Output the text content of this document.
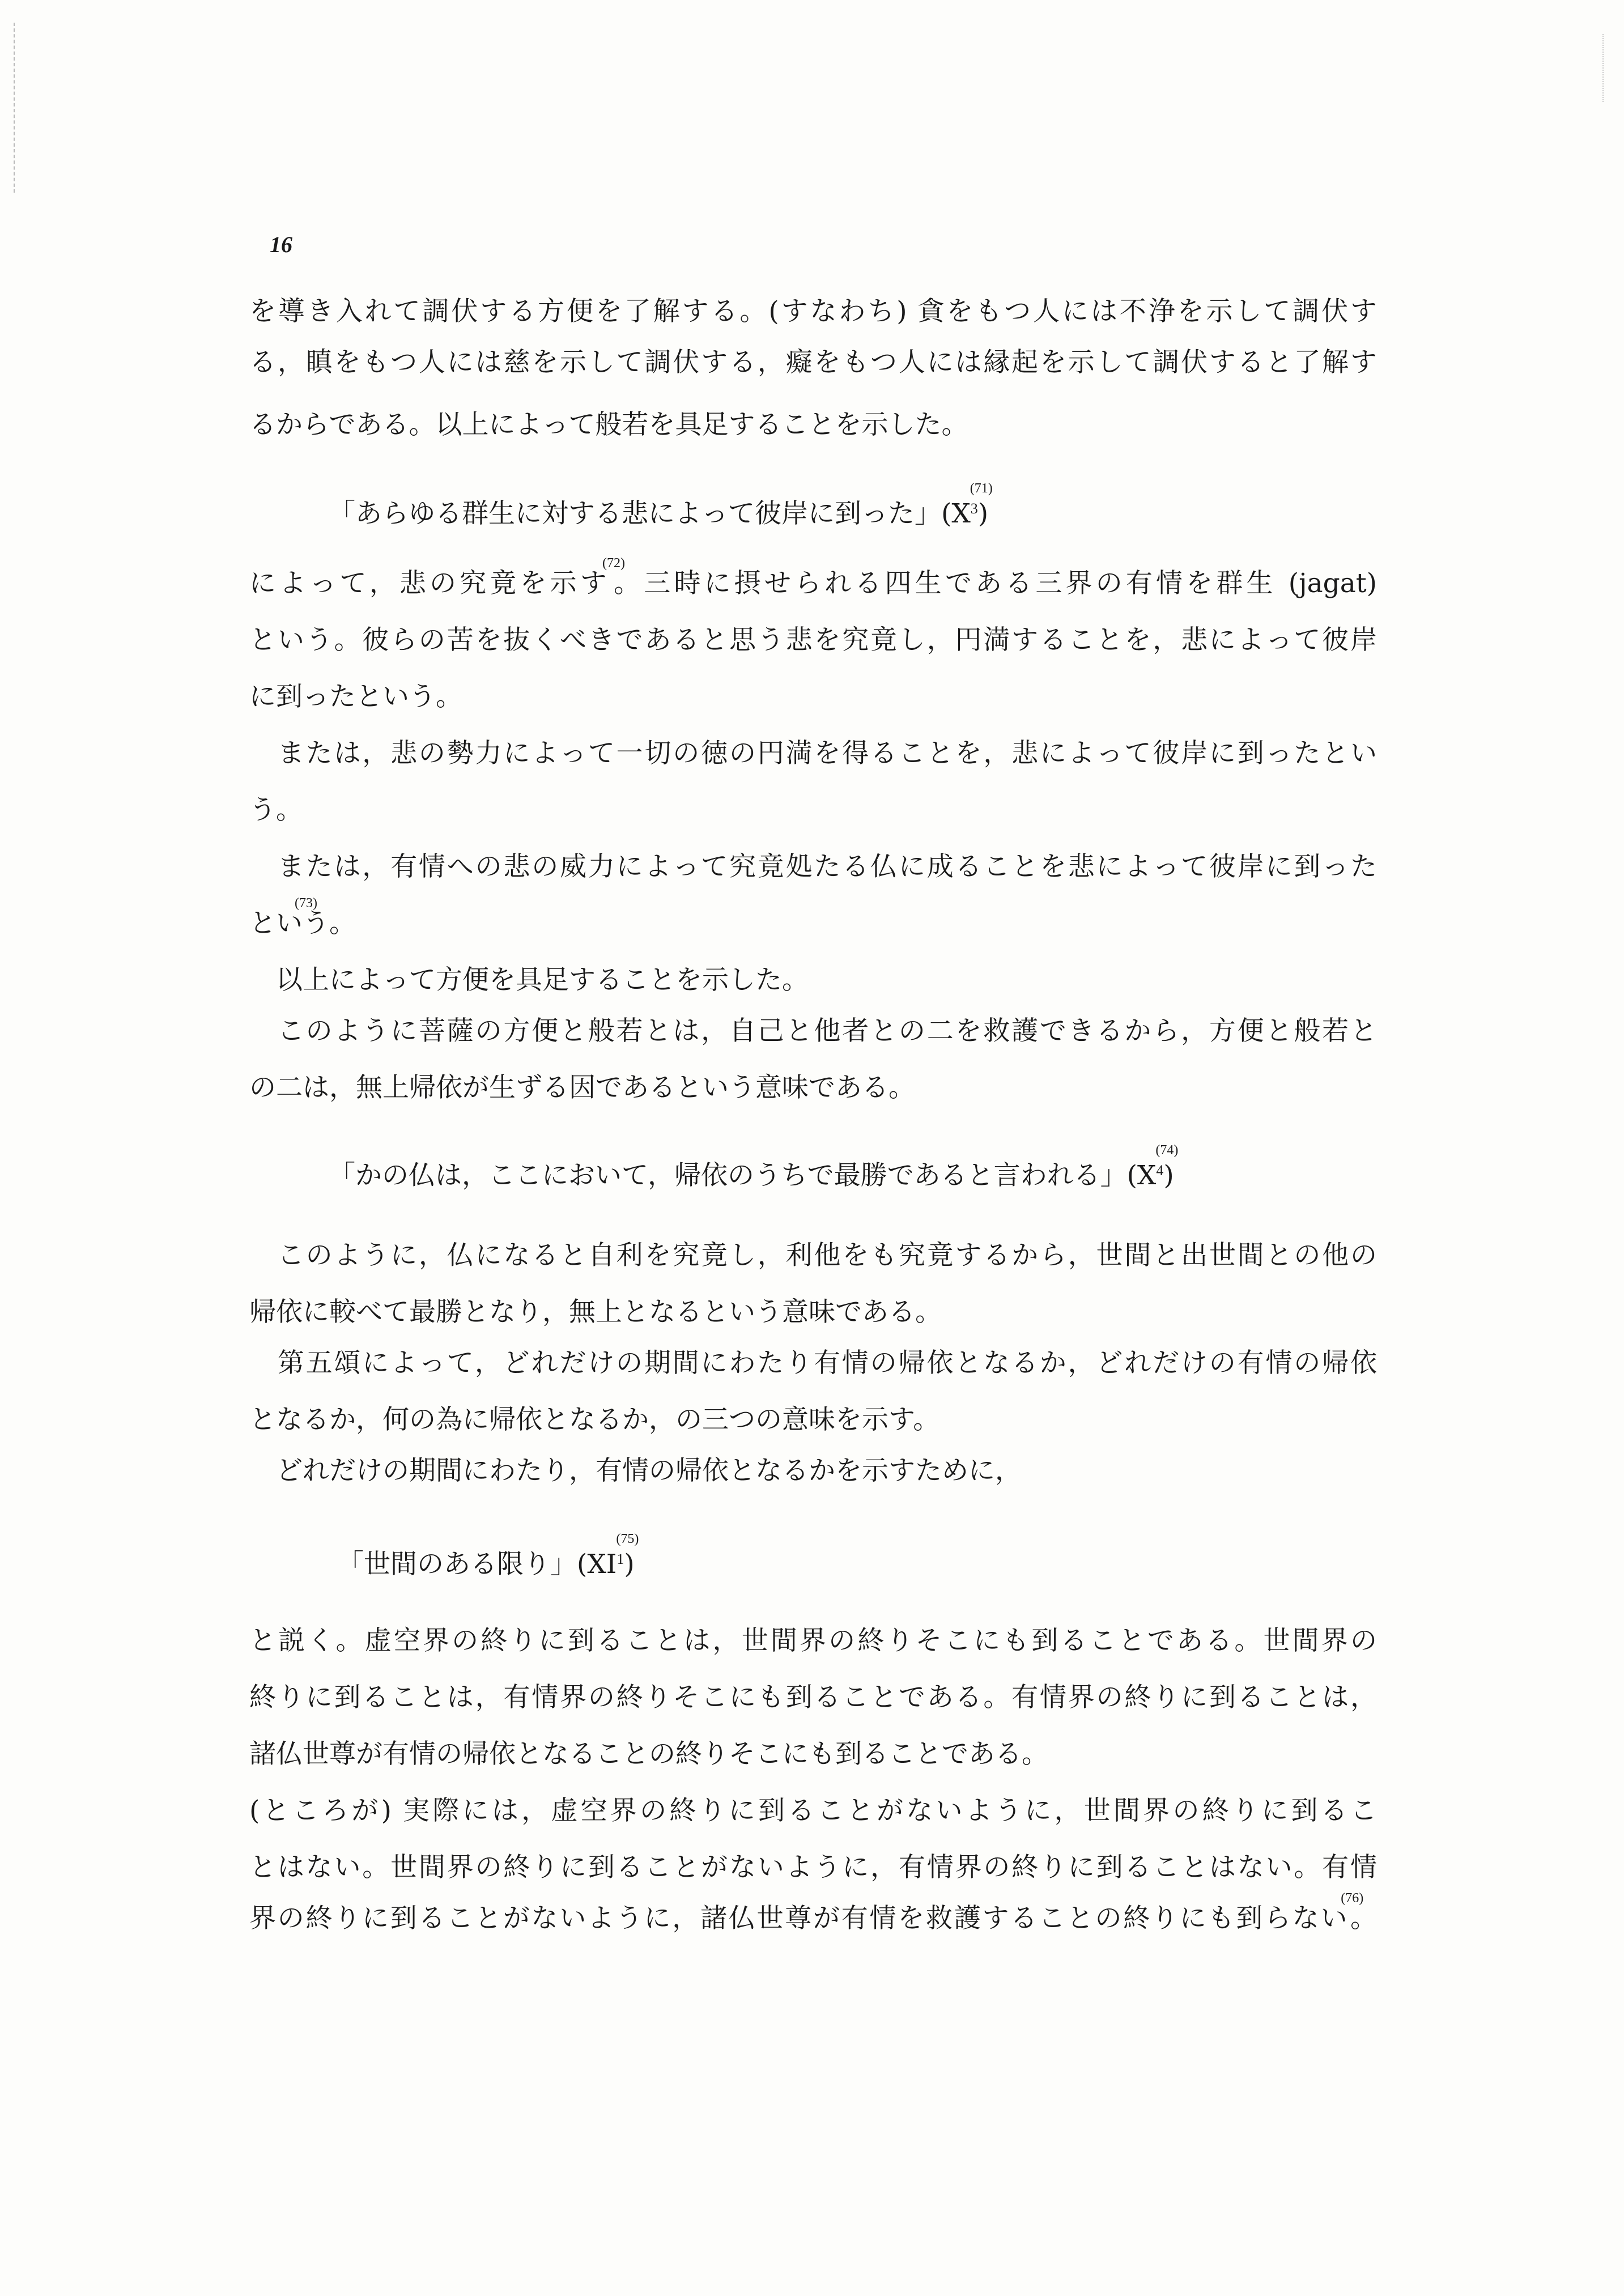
16
を導き入れて調伏する方便を了解する。(すなわち) 貪をもつ人には不浄を示して調伏す
る，瞋をもつ人には慈を示して調伏する，癡をもつ人には縁起を示して調伏すると了解す
るからである。以上によって般若を具足することを示した。
「あらゆる群生に対する悲によって彼岸に到った」($X^3$
(71)
)
によって，悲の究竟を示す
(72)
。三時に摂せられる四生である三界の有情を群生 (jagat)
という。彼らの苦を抜くべきであると思う悲を究竟し，円満することを，悲によって彼岸
に到ったという。
　または，悲の勢力によって一切の徳の円満を得ることを，悲によって彼岸に到ったとい
う。
　または，有情への悲の威力によって究竟処たる仏に成ることを悲によって彼岸に到った
とい
(73)
う。
　以上によって方便を具足することを示した。
　このように菩薩の方便と般若とは，自己と他者との二を救護できるから，方便と般若と
の二は，無上帰依が生ずる因であるという意味である。
「かの仏は，ここにおいて，帰依のうちで最勝であると言われる」($X^4$
(74)
)
　このように，仏になると自利を究竟し，利他をも究竟するから，世間と出世間との他の
帰依に較べて最勝となり，無上となるという意味である。
　第五頌によって，どれだけの期間にわたり有情の帰依となるか，どれだけの有情の帰依
となるか，何の為に帰依となるか，の三つの意味を示す。
　どれだけの期間にわたり，有情の帰依となるかを示すために，
「世間のある限り」($XI^1$
(75)
)
と説く。虚空界の終りに到ることは，世間界の終りそこにも到ることである。世間界の
終りに到ることは，有情界の終りそこにも到ることである。有情界の終りに到ることは，
諸仏世尊が有情の帰依となることの終りそこにも到ることである。
(ところが) 実際には，虚空界の終りに到ることがないように，世間界の終りに到るこ
とはない。世間界の終りに到ることがないように，有情界の終りに到ることはない。有情
界の終りに到ることがないように，諸仏世尊が有情を救護することの終りにも到らない
(76)
。
